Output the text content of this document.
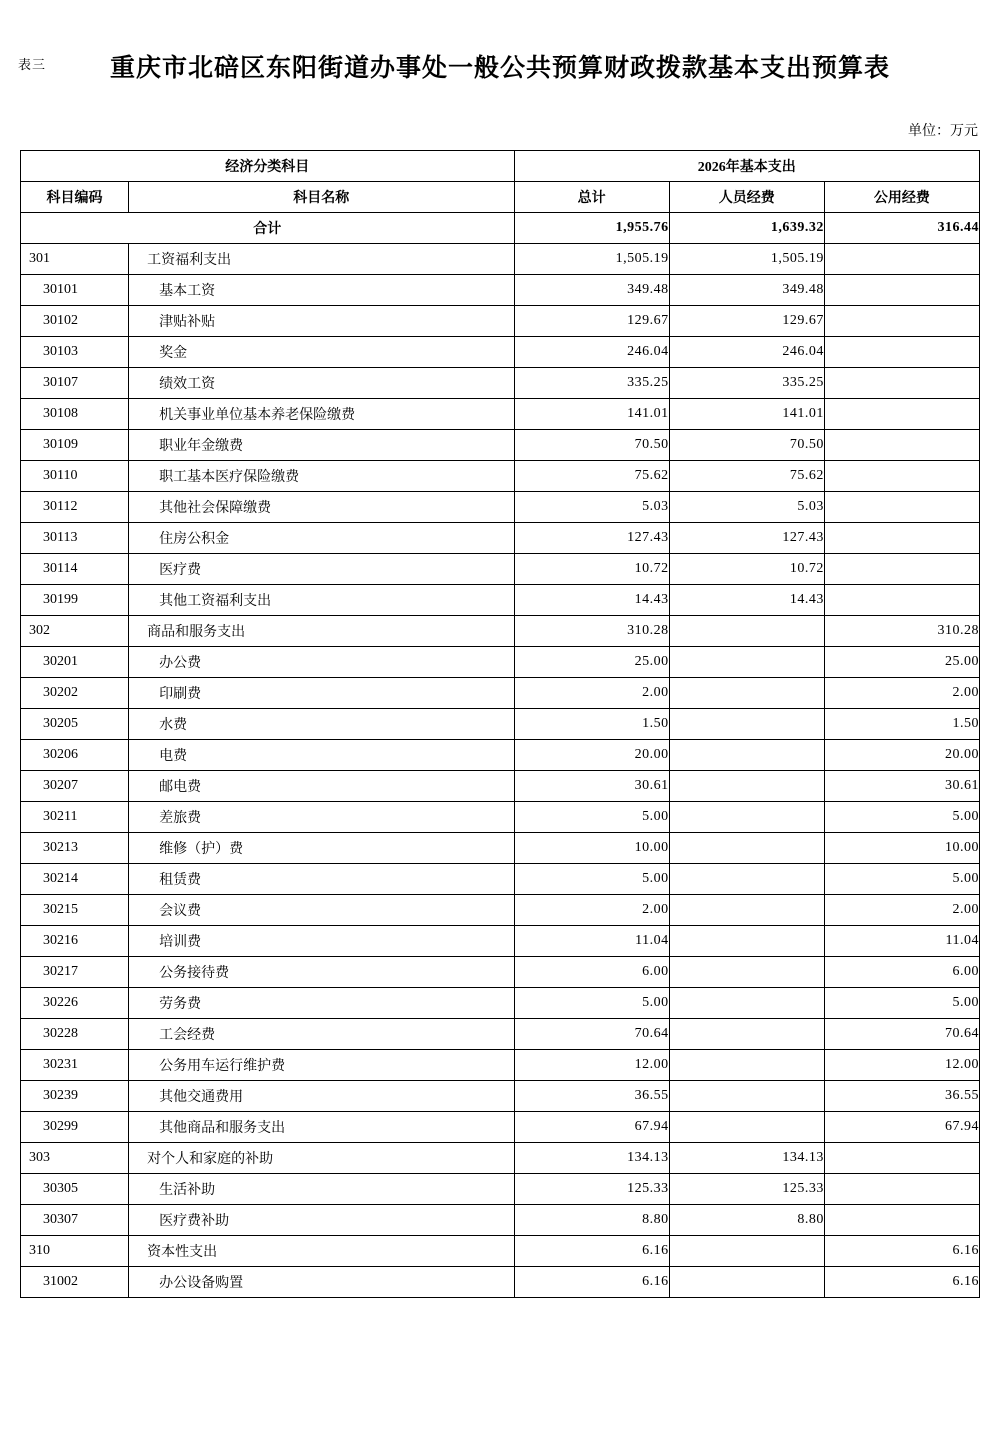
表三	重庆市北碚区东阳街道办事处一般公共预算财政拨款基本支出预算表
单位：万元
经济分类科目		2026年基本支出		
科目编码	科目名称	总计	人员经费	公用经费
合计		1,955.76	1,639.32	316.44
301	工资福利支出	1,505.19	1,505.19	
30101	基本工资	349.48	349.48	
30102	津贴补贴	129.67	129.67	
30103	奖金	246.04	246.04	
30107	绩效工资	335.25	335.25	
30108	机关事业单位基本养老保险缴费	141.01	141.01	
30109	职业年金缴费	70.50	70.50	
30110	职工基本医疗保险缴费	75.62	75.62	
30112	其他社会保障缴费	5.03	5.03	
30113	住房公积金	127.43	127.43	
30114	医疗费	10.72	10.72	
30199	其他工资福利支出	14.43	14.43	
302	商品和服务支出	310.28		310.28
30201	办公费	25.00		25.00
30202	印刷费	2.00		2.00
30205	水费	1.50		1.50
30206	电费	20.00		20.00
30207	邮电费	30.61		30.61
30211	差旅费	5.00		5.00
30213	维修（护）费	10.00		10.00
30214	租赁费	5.00		5.00
30215	会议费	2.00		2.00
30216	培训费	11.04		11.04
30217	公务接待费	6.00		6.00
30226	劳务费	5.00		5.00
30228	工会经费	70.64		70.64
30231	公务用车运行维护费	12.00		12.00
30239	其他交通费用	36.55		36.55
30299	其他商品和服务支出	67.94		67.94
303	对个人和家庭的补助	134.13	134.13	
30305	生活补助	125.33	125.33	
30307	医疗费补助	8.80	8.80	
310	资本性支出	6.16		6.16
31002	办公设备购置	6.16		6.16
